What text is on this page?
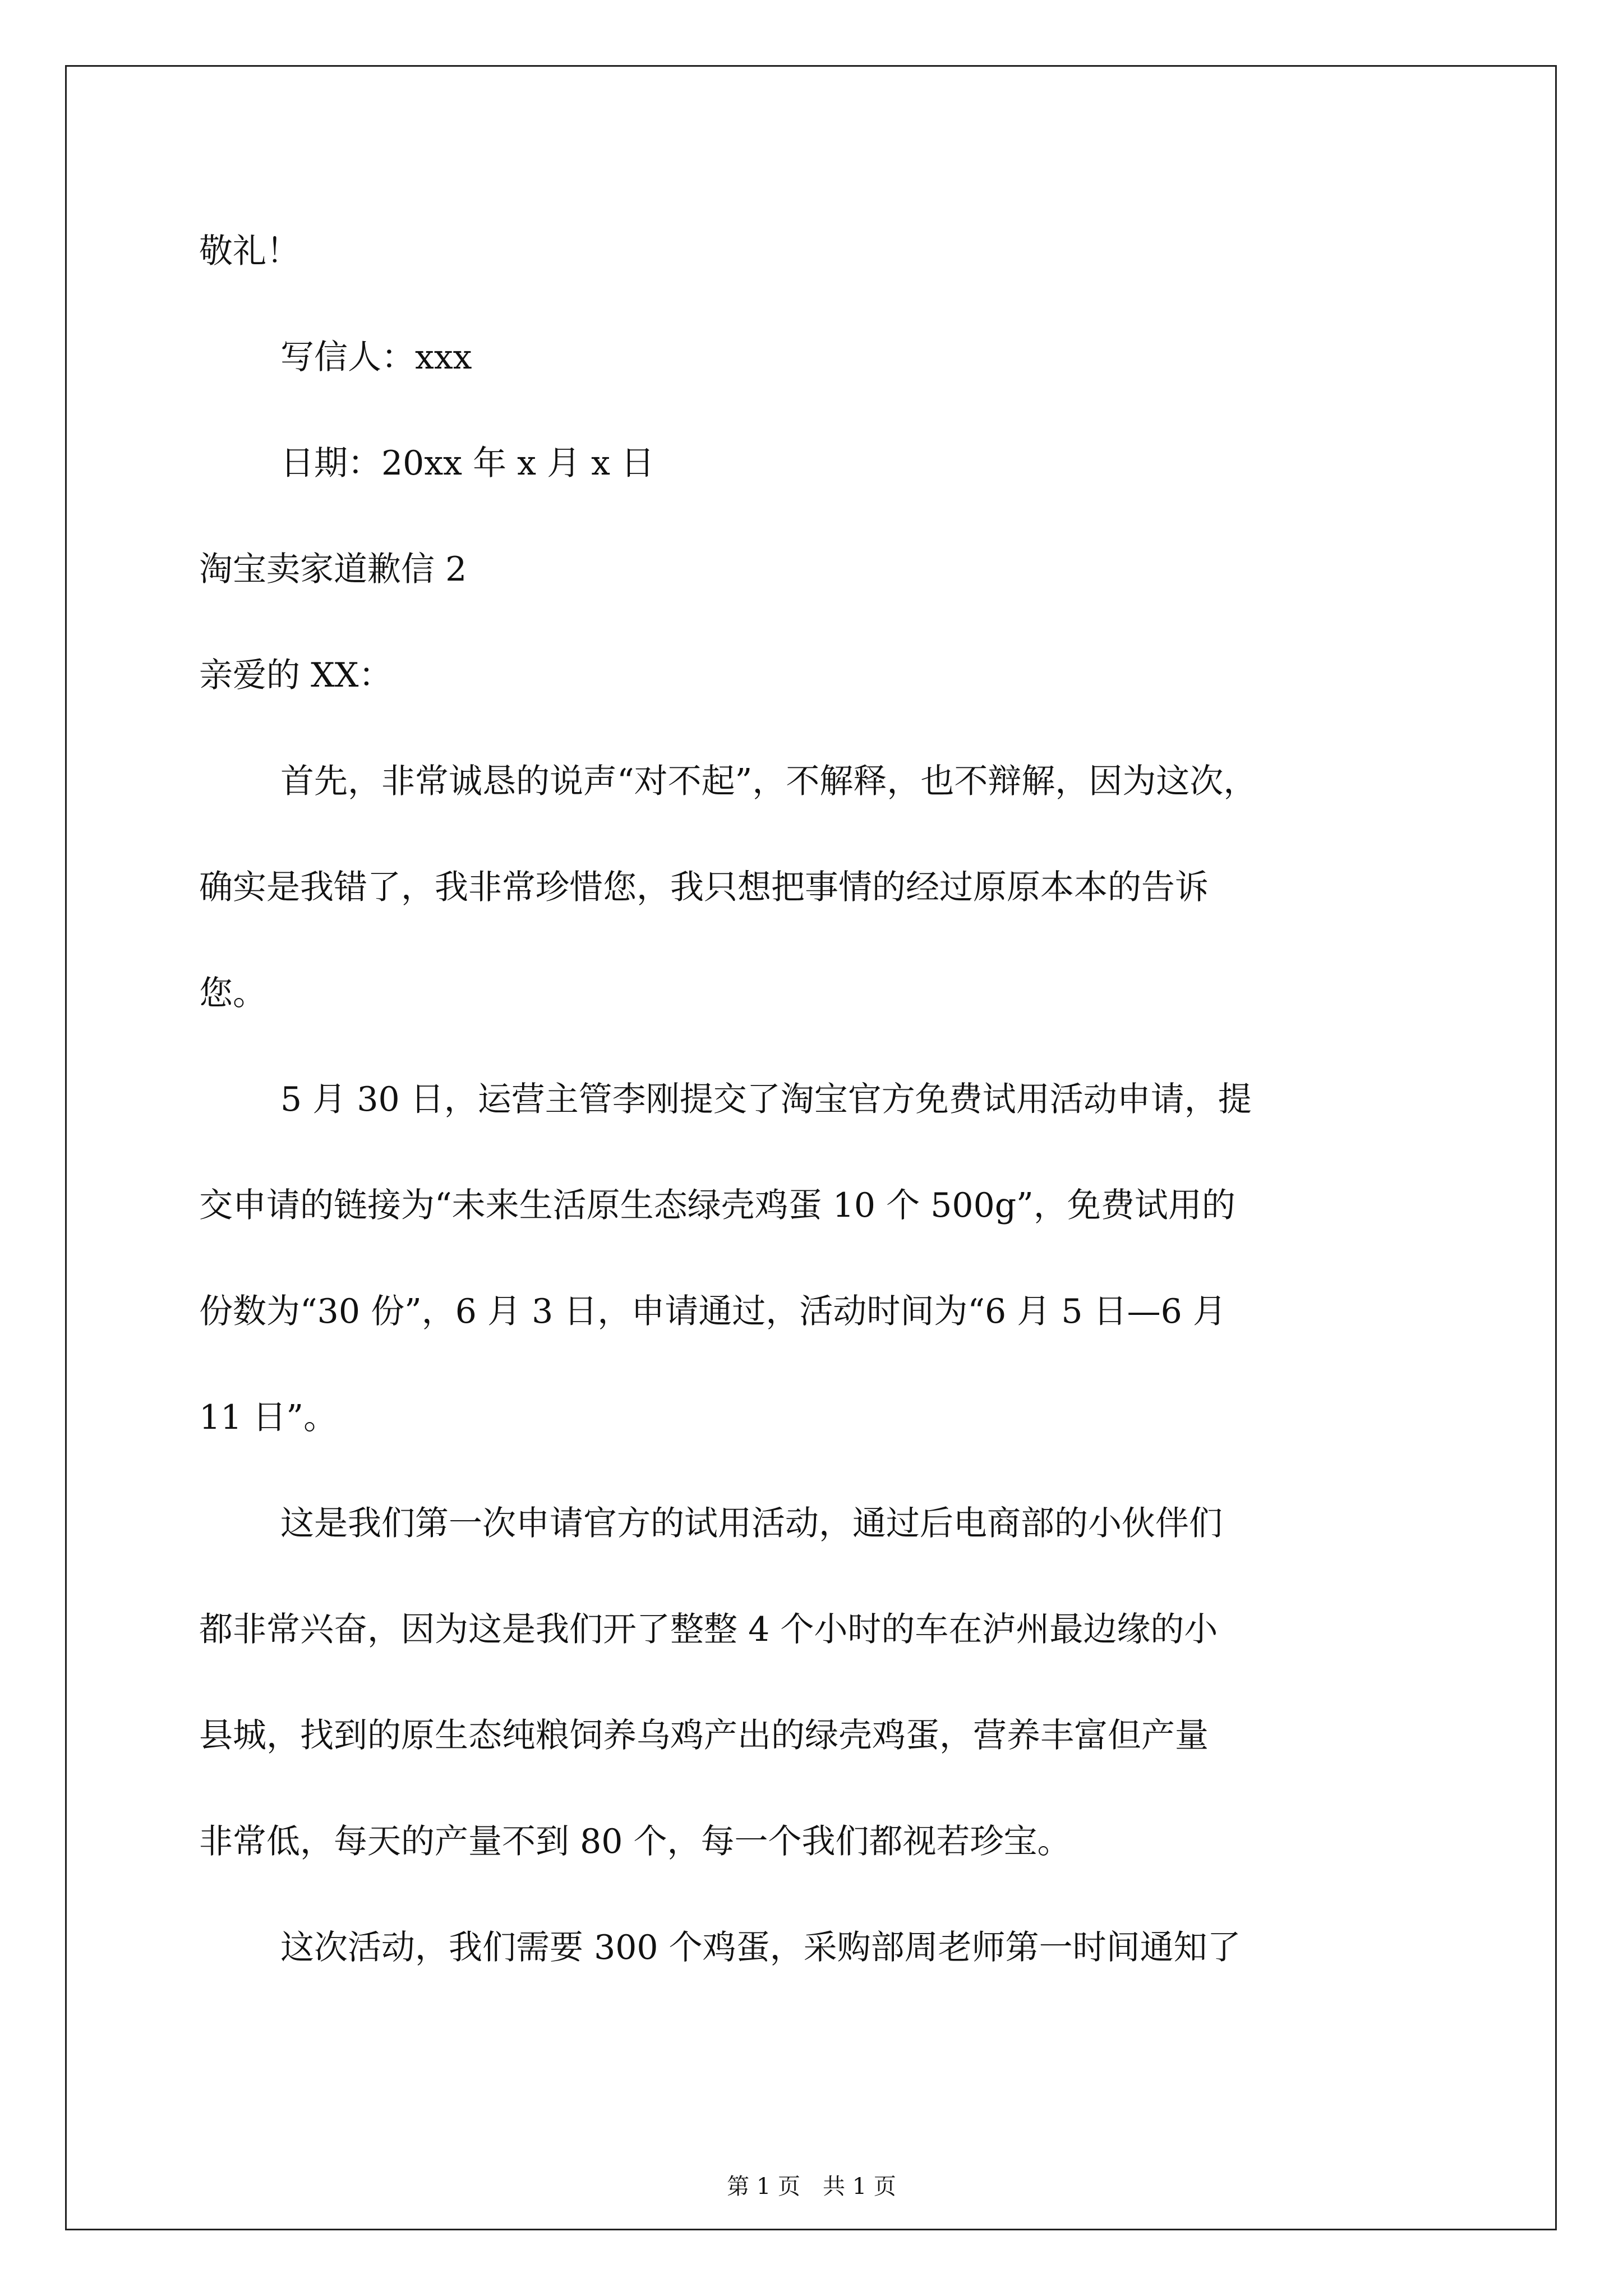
敬礼！

写信人：xxx

日期：20xx 年 x 月 x 日

淘宝卖家道歉信 2

亲爱的 XX：

首先，非常诚恳的说声“对不起”，不解释，也不辩解，因为这次，

确实是我错了，我非常珍惜您，我只想把事情的经过原原本本的告诉

您。

5 月 30 日，运营主管李刚提交了淘宝官方免费试用活动申请，提

交申请的链接为“未来生活原生态绿壳鸡蛋 10 个 500g”，免费试用的

份数为“30 份”，6 月 3 日，申请通过，活动时间为“6 月 5 日—6 月

11 日”。

这是我们第一次申请官方的试用活动，通过后电商部的小伙伴们

都非常兴奋，因为这是我们开了整整 4 个小时的车在泸州最边缘的小

县城，找到的原生态纯粮饲养乌鸡产出的绿壳鸡蛋，营养丰富但产量

非常低，每天的产量不到 80 个，每一个我们都视若珍宝。

这次活动，我们需要 300 个鸡蛋，采购部周老师第一时间通知了

第 1 页　共 1 页
